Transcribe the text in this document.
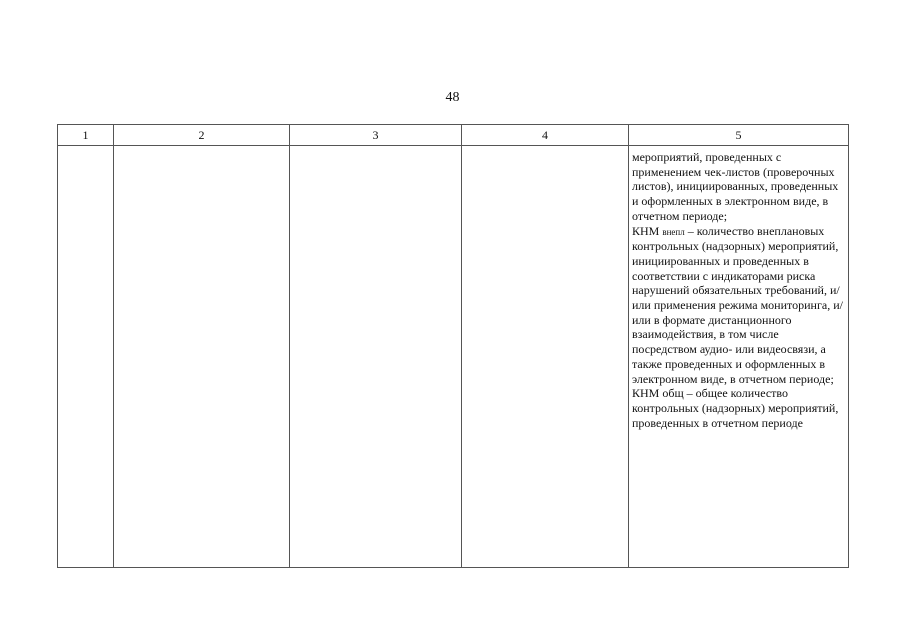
48
1	2	3	4	5

				мероприятий, проведенных с применением чек-листов (проверочных листов), инициированных, проведенных и оформленных в электронном виде, в отчетном периоде;

КНМ внепл – количество внеплановых контрольных (надзорных) мероприятий, инициированных и проведенных в соответствии с индикаторами риска нарушений обязательных требований, и/или применения режима мониторинга, и/или в формате дистанционного взаимодействия, в том числе посредством аудио- или видеосвязи, а также проведенных и оформленных в электронном виде, в отчетном периоде;

КНМ общ – общее количество контрольных (надзорных) мероприятий, проведенных в отчетном периоде
